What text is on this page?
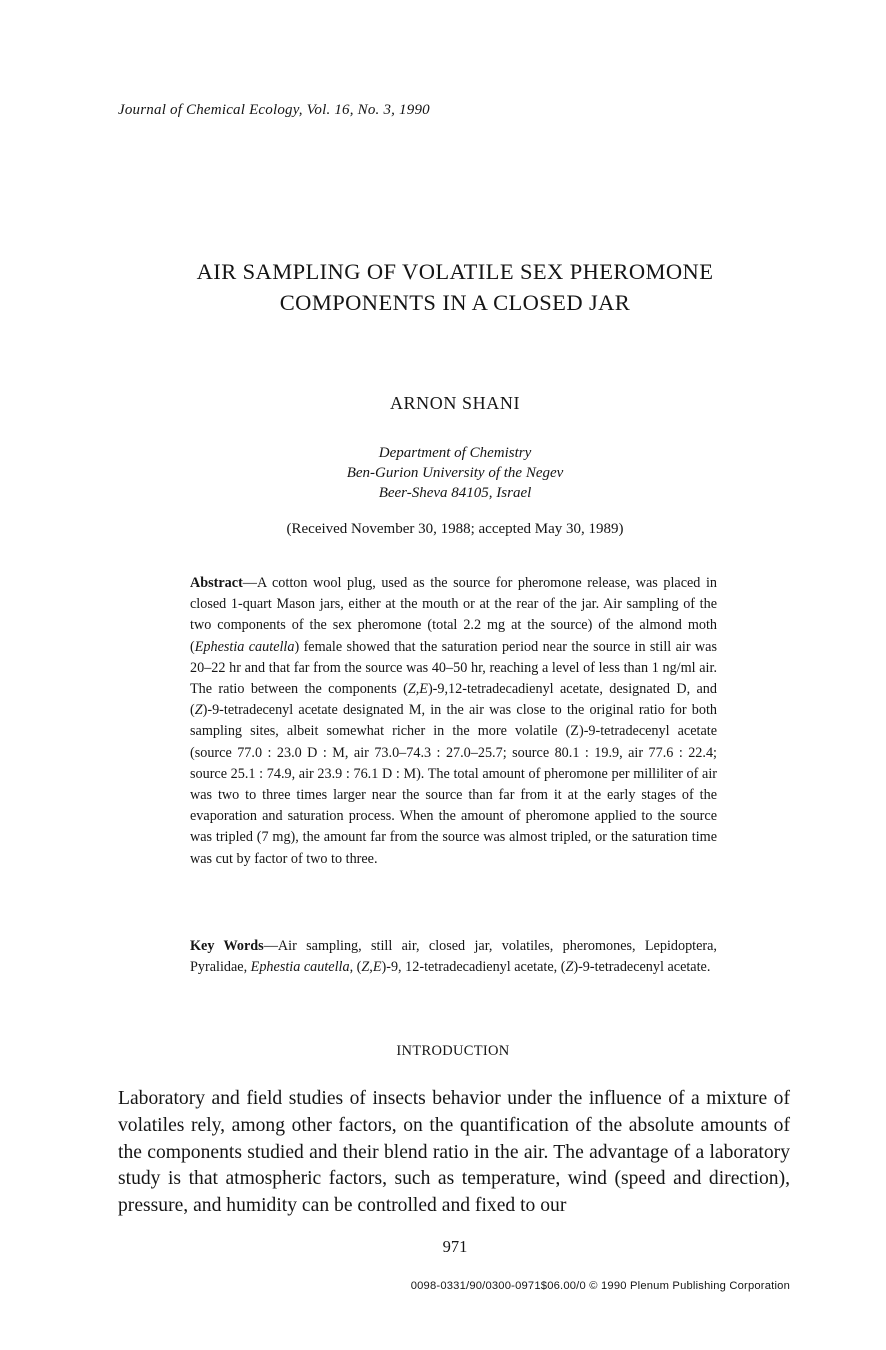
Journal of Chemical Ecology, Vol. 16, No. 3, 1990
AIR SAMPLING OF VOLATILE SEX PHEROMONE
COMPONENTS IN A CLOSED JAR
ARNON SHANI
Department of Chemistry
Ben-Gurion University of the Negev
Beer-Sheva 84105, Israel
(Received November 30, 1988; accepted May 30, 1989)
Abstract—A cotton wool plug, used as the source for pheromone release, was placed in closed 1-quart Mason jars, either at the mouth or at the rear of the jar. Air sampling of the two components of the sex pheromone (total 2.2 mg at the source) of the almond moth (Ephestia cautella) female showed that the saturation period near the source in still air was 20–22 hr and that far from the source was 40–50 hr, reaching a level of less than 1 ng/ml air. The ratio between the components (Z,E)-9,12-tetradecadienyl acetate, designated D, and (Z)-9-tetradecenyl acetate designated M, in the air was close to the original ratio for both sampling sites, albeit somewhat richer in the more volatile (Z)-9-tetradecenyl acetate (source 77.0 : 23.0 D : M, air 73.0–74.3 : 27.0–25.7; source 80.1 : 19.9, air 77.6 : 22.4; source 25.1 : 74.9, air 23.9 : 76.1 D : M). The total amount of pheromone per milliliter of air was two to three times larger near the source than far from it at the early stages of the evaporation and saturation process. When the amount of pheromone applied to the source was tripled (7 mg), the amount far from the source was almost tripled, or the saturation time was cut by factor of two to three.
Key Words—Air sampling, still air, closed jar, volatiles, pheromones, Lepidoptera, Pyralidae, Ephestia cautella, (Z,E)-9, 12-tetradecadienyl acetate, (Z)-9-tetradecenyl acetate.
INTRODUCTION
Laboratory and field studies of insects behavior under the influence of a mixture of volatiles rely, among other factors, on the quantification of the absolute amounts of the components studied and their blend ratio in the air. The advantage of a laboratory study is that atmospheric factors, such as temperature, wind (speed and direction), pressure, and humidity can be controlled and fixed to our
971
0098-0331/90/0300-0971$06.00/0 © 1990 Plenum Publishing Corporation
